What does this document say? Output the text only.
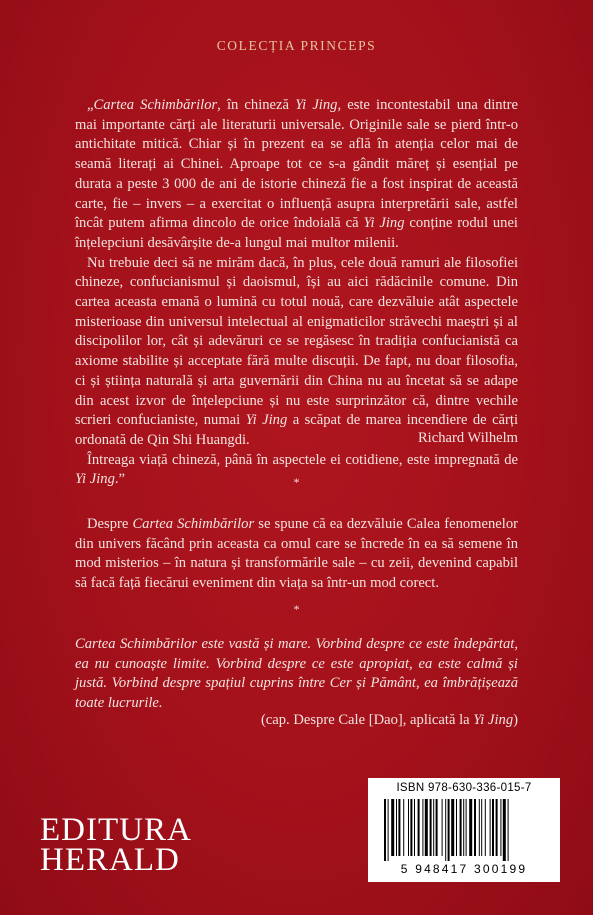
COLECȚIA PRINCEPS

„Cartea Schimbărilor, în chineză Yi Jing, este incontestabil una dintre mai importante cărți ale literaturii universale. Originile sale se pierd într-o antichitate mitică. Chiar și în prezent ea se află în atenția celor mai de seamă literați ai Chinei. Aproape tot ce s-a gândit măreț și esențial pe durata a peste 3 000 de ani de istorie chineză fie a fost inspirat de această carte, fie – invers – a exercitat o influență asupra interpretării sale, astfel încât putem afirma dincolo de orice îndoială că Yi Jing conține rodul unei înțelepciuni desăvârșite de-a lungul mai multor milenii.

Nu trebuie deci să ne mirăm dacă, în plus, cele două ramuri ale filosofiei chineze, confucianismul și daoismul, își au aici rădăcinile comune. Din cartea aceasta emană o lumină cu totul nouă, care dezvăluie atât aspectele misterioase din universul intelectual al enigmaticilor străvechi maeștri și al discipolilor lor, cât și adevăruri ce se regăsesc în tradiția confucianistă ca axiome stabilite și acceptate fără multe discuții. De fapt, nu doar filosofia, ci și știința naturală și arta guvernării din China nu au încetat să se adape din acest izvor de înțelepciune și nu este surprinzător că, dintre vechile scrieri confucianiste, numai Yi Jing a scăpat de marea incendiere de cărți ordonată de Qin Shi Huangdi.

Întreaga viață chineză, până în aspectele ei cotidiene, este impregnată de Yi Jing.”

Richard Wilhelm
*

Despre Cartea Schimbărilor se spune că ea dezvăluie Calea fenomenelor din univers făcând prin aceasta ca omul care se încrede în ea să semene în mod misterios – în natura și transformările sale – cu zeii, devenind capabil să facă față fiecărui eveniment din viața sa într-un mod corect.

*

Cartea Schimbărilor este vastă și mare. Vorbind despre ce este îndepărtat, ea nu cunoaște limite. Vorbind despre ce este apropiat, ea este calmă și justă. Vorbind despre spațiul cuprins între Cer și Pământ, ea îmbrățișează toate lucrurile.

(cap. Despre Cale [Dao], aplicată la Yi Jing)
EDITURA
HERALD
ISBN 978-630-336-015-7
5 948417 300199
